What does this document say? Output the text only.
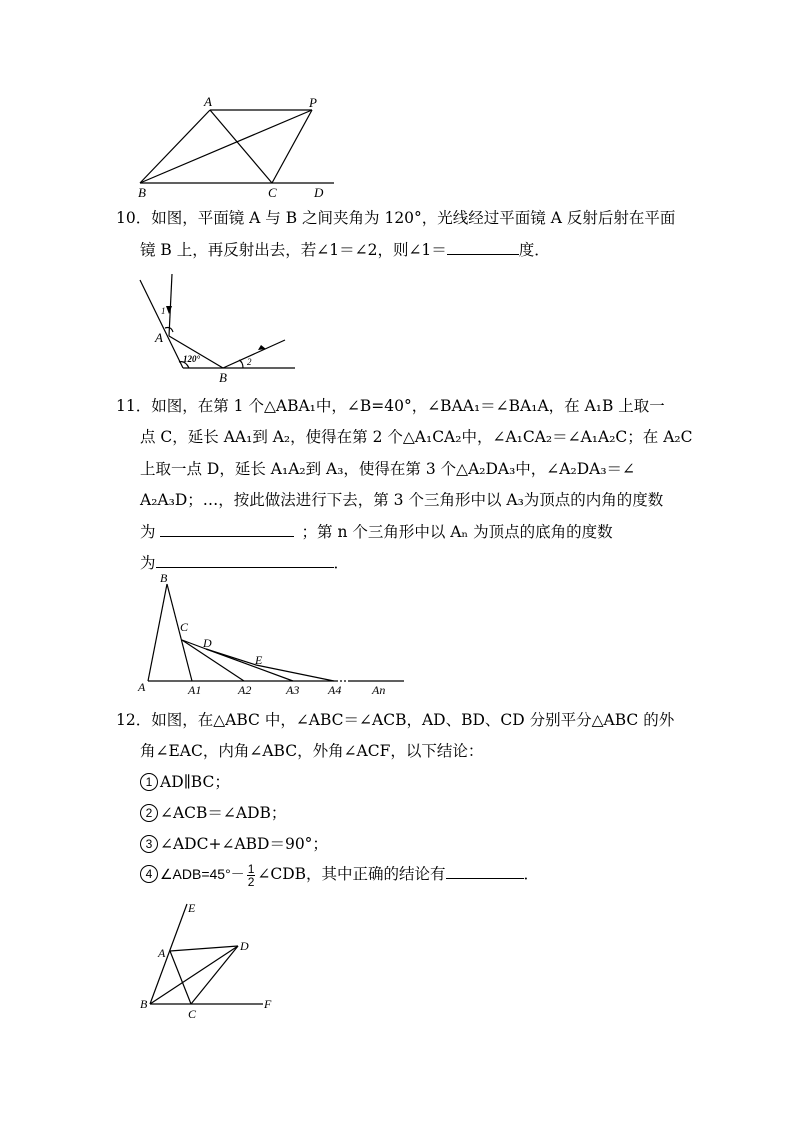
A	P
B	C	D
10．如图，平面镜 A 与 B 之间夹角为 120°，光线经过平面镜 A 反射后射在平面
镜 B 上，再反射出去，若∠1＝∠2，则∠1＝	度．
1
2
120°
A
B
11．如图，在第 1 个△ABA₁中，∠B=40°，∠BAA₁＝∠BA₁A，在 A₁B 上取一
点 C，延长 AA₁到 A₂，使得在第 2 个△A₁CA₂中，∠A₁CA₂＝∠A₁A₂C；在 A₂C
上取一点 D，延长 A₁A₂到 A₃，使得在第 3 个△A₂DA₃中，∠A₂DA₃＝∠
A₂A₃D；…，按此做法进行下去，第 3 个三角形中以 A₃为顶点的内角的度数
为	；第 n 个三角形中以 Aₙ 为顶点的底角的度数
为	．
B
C
D
E
A	A1	A2	A3 A4	An
12．如图，在△ABC 中，∠ABC＝∠ACB，AD、BD、CD 分别平分△ABC 的外
角∠EAC，内角∠ABC，外角∠ACF，以下结论：
1 AD∥BC；
2 ∠ACB＝∠ADB；
3 ∠ADC+∠ABD＝90°；
4 ∠ADB=45°－ $\frac{1}{2}$ ∠CDB，其中正确的结论有	．
E
A	D
B
C
F
